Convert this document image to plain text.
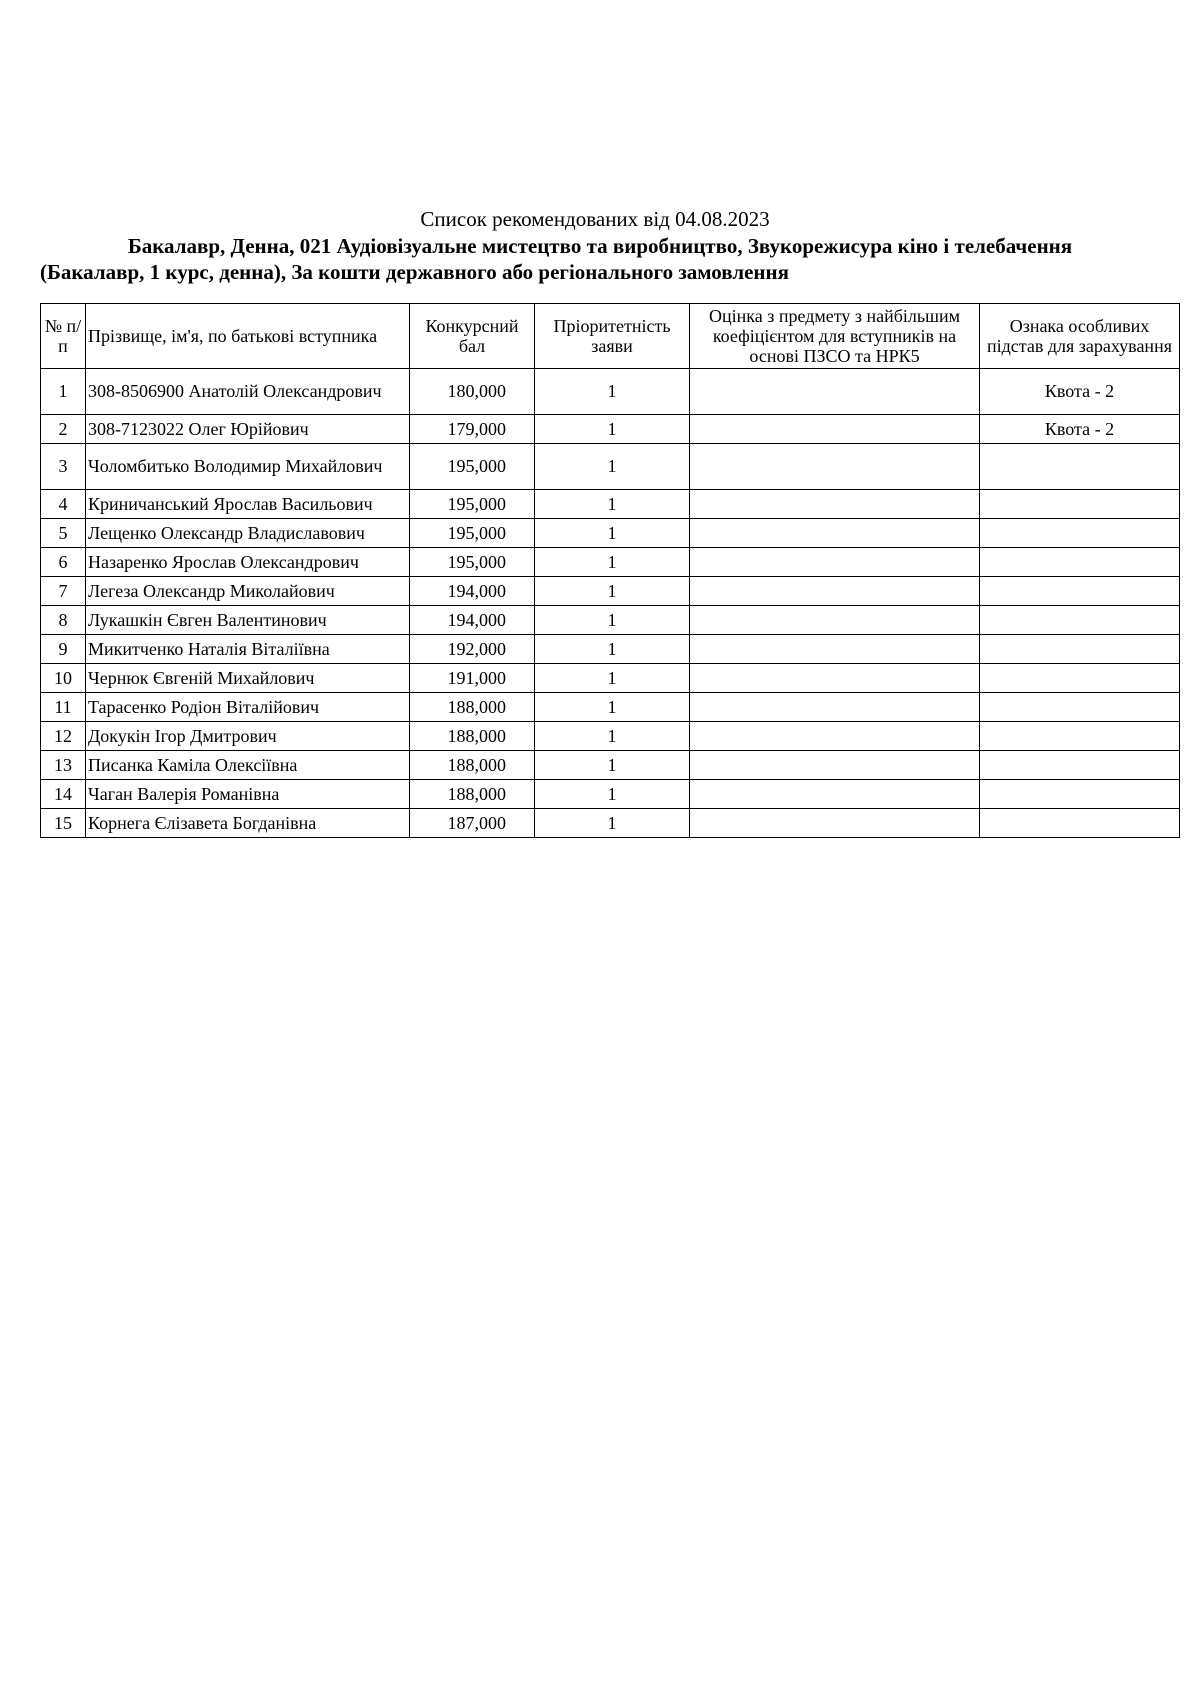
Список рекомендованих від 04.08.2023
Бакалавр, Денна, 021 Аудіовізуальне мистецтво та виробництво, Звукорежисура кіно і телебачення
(Бакалавр, 1 курс, денна), За кошти державного або регіонального замовлення
№ п/п	Прізвище, ім'я, по батькові вступника	Конкурсний бал	Пріоритетність заяви	Оцінка з предмету з найбільшим коефіцієнтом для вступників на основі ПЗСО та НРК5	Ознака особливих підстав для зарахування
1	308-8506900 Анатолій Олександрович	180,000	1		Квота - 2
2	308-7123022 Олег Юрійович	179,000	1		Квота - 2
3	Чоломбитько Володимир Михайлович	195,000	1		
4	Криничанський Ярослав Васильович	195,000	1		
5	Лещенко Олександр Владиславович	195,000	1		
6	Назаренко Ярослав Олександрович	195,000	1		
7	Легеза Олександр Миколайович	194,000	1		
8	Лукашкін Євген Валентинович	194,000	1		
9	Микитченко Наталія Віталіївна	192,000	1		
10	Чернюк Євгеній Михайлович	191,000	1		
11	Тарасенко Родіон Віталійович	188,000	1		
12	Докукін Ігор Дмитрович	188,000	1		
13	Писанка Каміла Олексіївна	188,000	1		
14	Чаган Валерія Романівна	188,000	1		
15	Корнега Єлізавета Богданівна	187,000	1		
